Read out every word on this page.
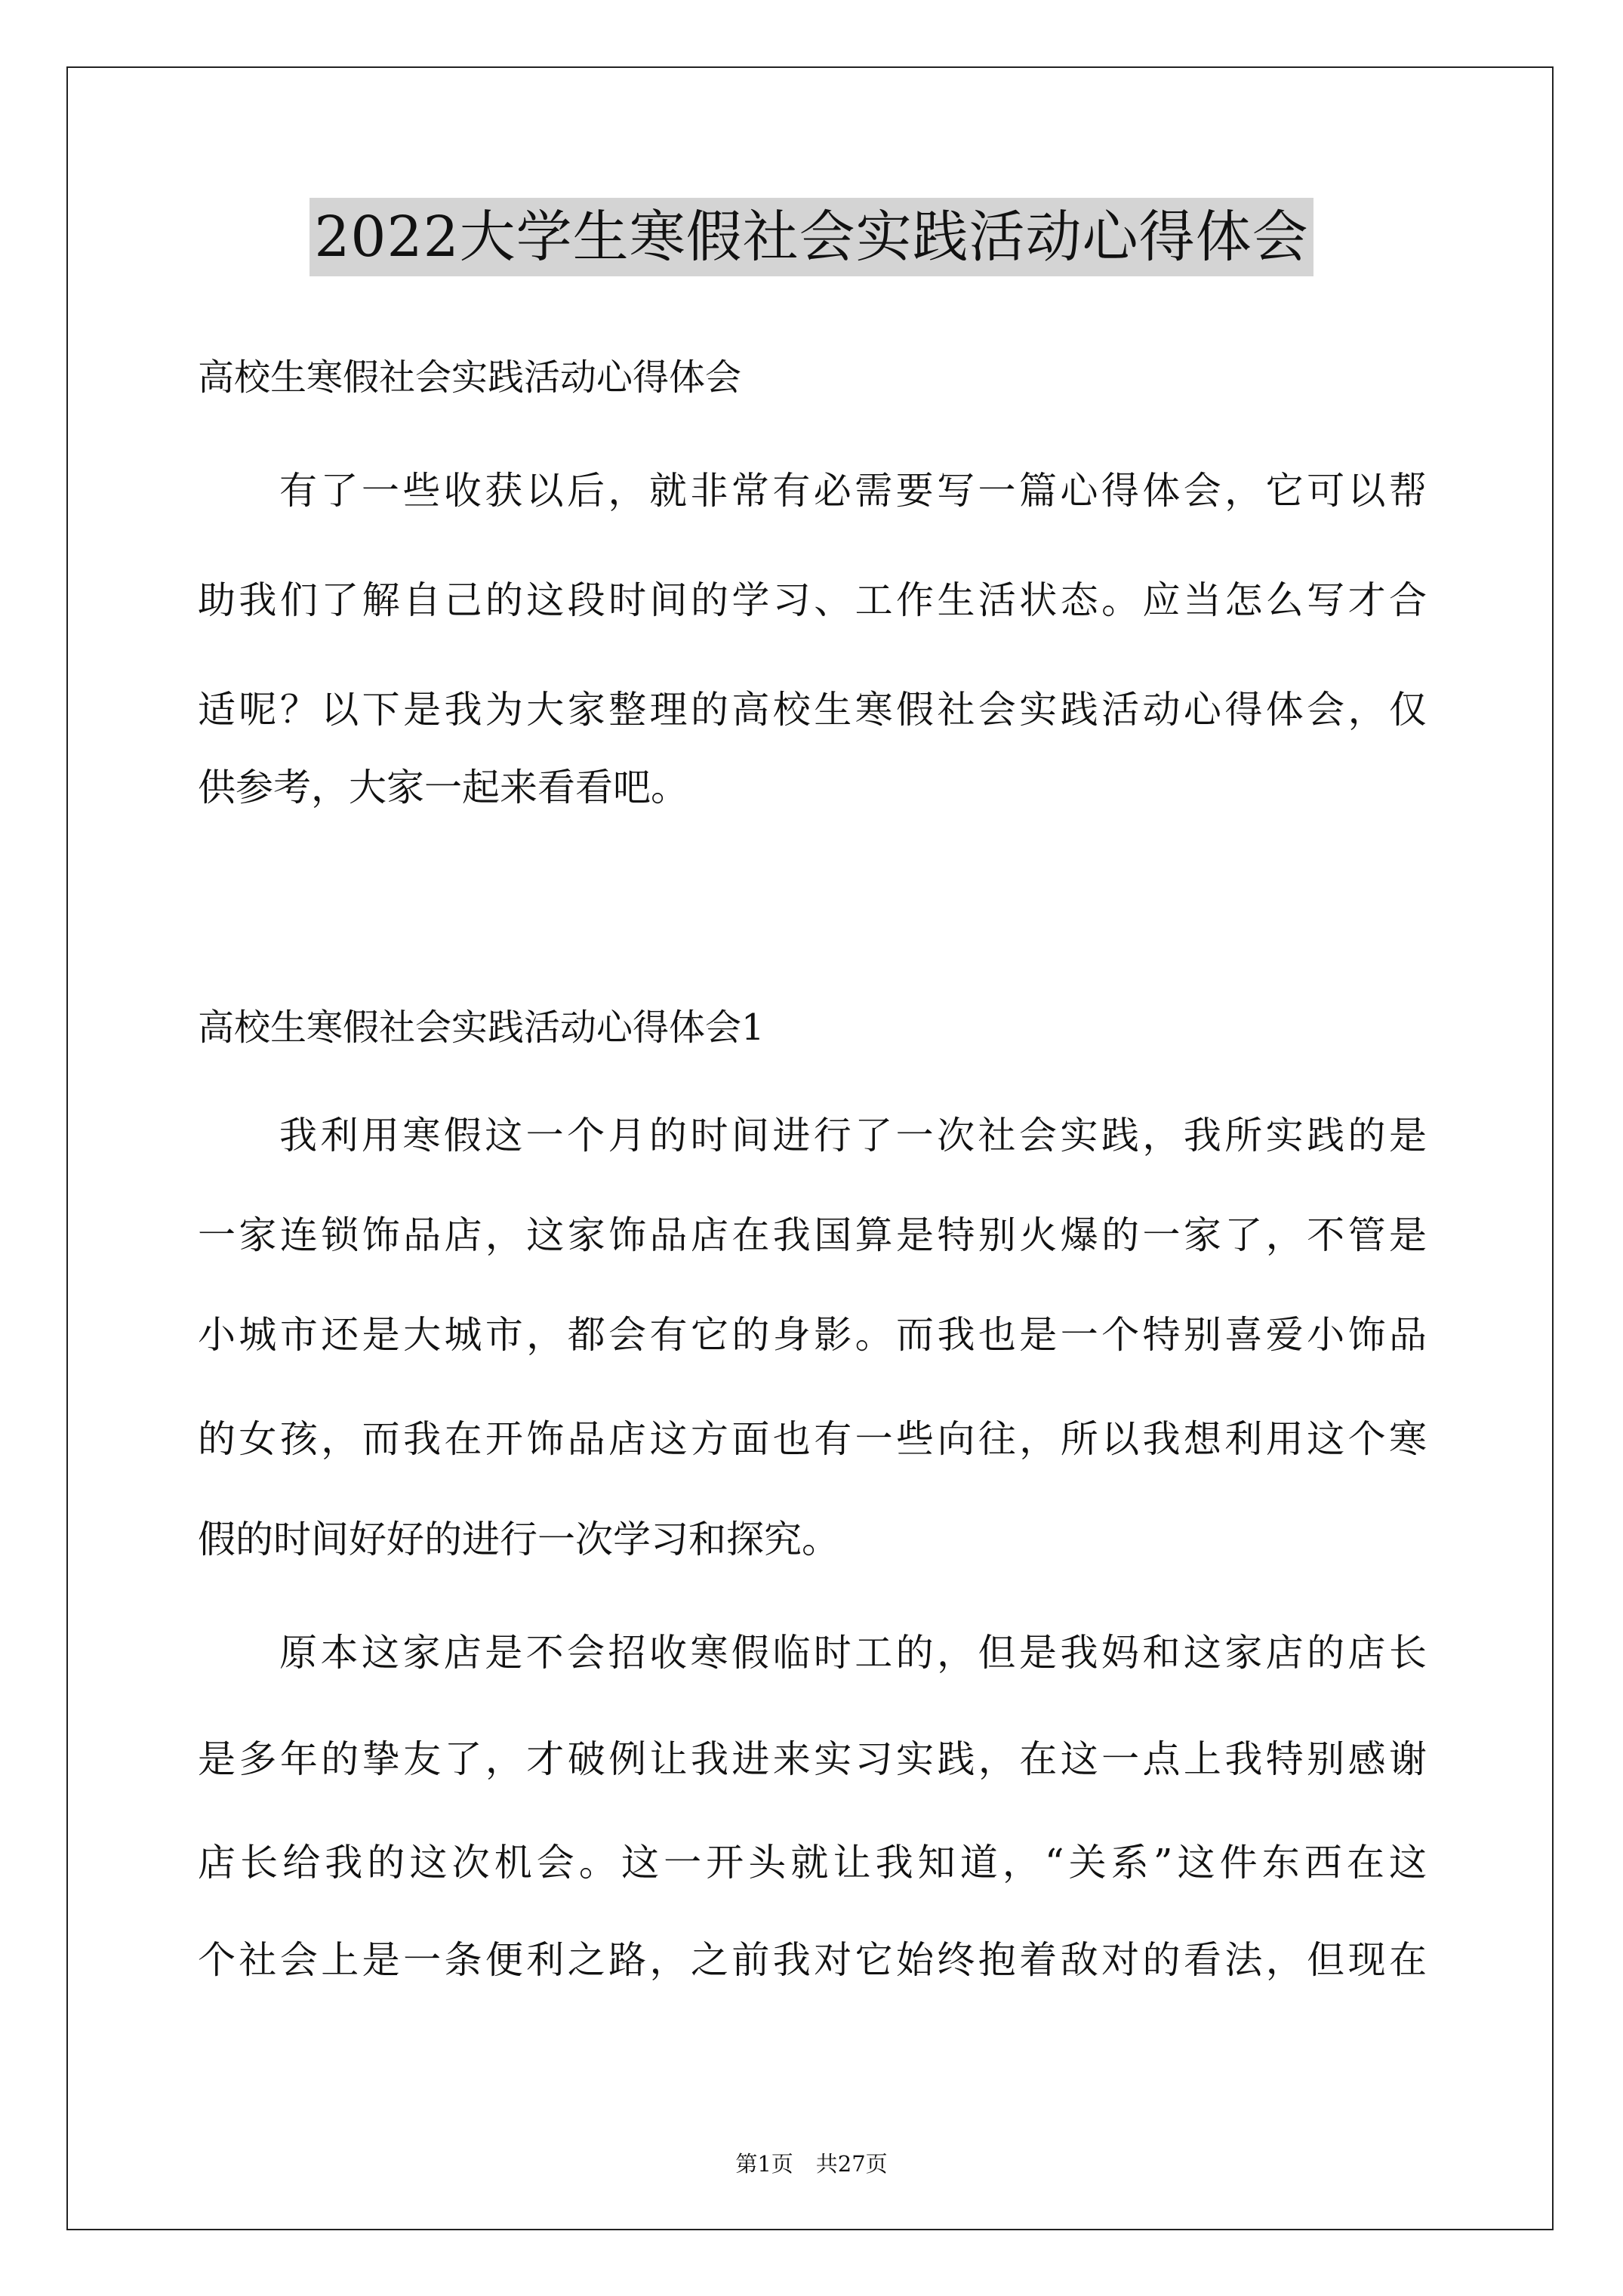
2022大学生寒假社会实践活动心得体会
高校生寒假社会实践活动心得体会
有了一些收获以后，就非常有必需要写一篇心得体会，它可以帮
助我们了解自己的这段时间的学习、工作生活状态。应当怎么写才合
适呢？以下是我为大家整理的高校生寒假社会实践活动心得体会，仅
供参考，大家一起来看看吧。
高校生寒假社会实践活动心得体会1
我利用寒假这一个月的时间进行了一次社会实践，我所实践的是
一家连锁饰品店，这家饰品店在我国算是特别火爆的一家了，不管是
小城市还是大城市，都会有它的身影。而我也是一个特别喜爱小饰品
的女孩，而我在开饰品店这方面也有一些向往，所以我想利用这个寒
假的时间好好的进行一次学习和探究。
原本这家店是不会招收寒假临时工的，但是我妈和这家店的店长
是多年的挚友了，才破例让我进来实习实践，在这一点上我特别感谢
店长给我的这次机会。这一开头就让我知道，“关系”这件东西在这
个社会上是一条便利之路，之前我对它始终抱着敌对的看法，但现在
第1页 共27页
